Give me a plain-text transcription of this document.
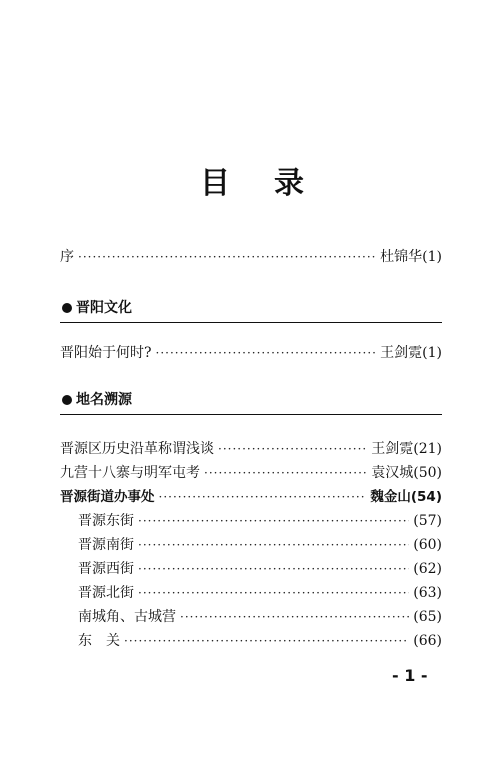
目 录
序 ·····	杜锦华(1)
晋阳文化
晋阳始于何时? ·····	王剑霓(1)
地名溯源
晋源区历史沿革称谓浅谈 ·····	王剑霓(21)
九营十八寨与明军屯考 ·····	袁汉城(50)
晋源街道办事处 ·····	魏金山(54)
晋源东街 ·····	(57)
晋源南街 ·····	(60)
晋源西街 ·····	(62)
晋源北街 ·····	(63)
南城角、古城营 ·····	(65)
东　关 ·····	(66)
- 1 -
